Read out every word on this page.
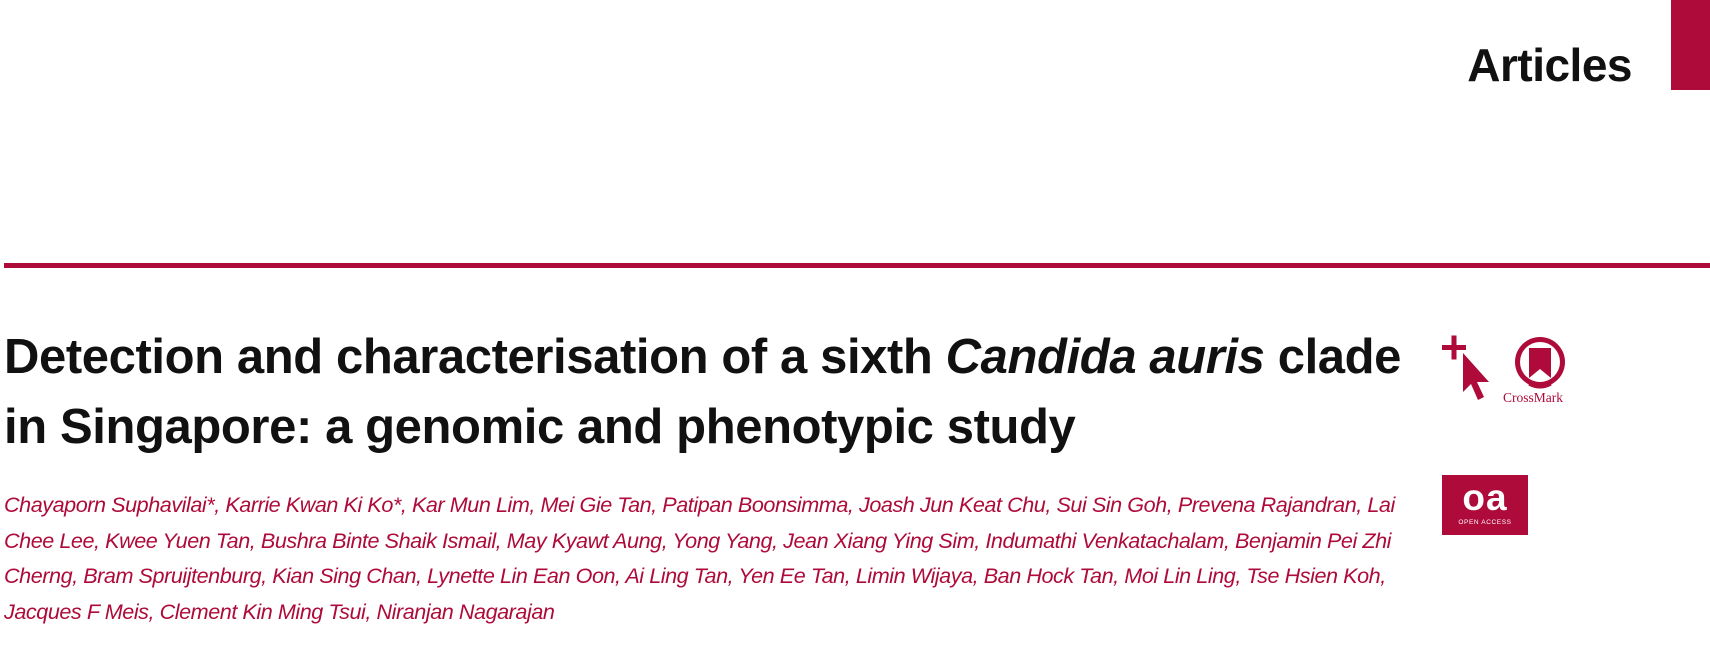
Articles
Detection and characterisation of a sixth Candida auris clade in Singapore: a genomic and phenotypic study

Chayaporn Suphavilai*, Karrie Kwan Ki Ko*, Kar Mun Lim, Mei Gie Tan, Patipan Boonsimma, Joash Jun Keat Chu, Sui Sin Goh, Prevena Rajandran, Lai Chee Lee, Kwee Yuen Tan, Bushra Binte Shaik Ismail, May Kyawt Aung, Yong Yang, Jean Xiang Ying Sim, Indumathi Venkatachalam, Benjamin Pei Zhi Cherng, Bram Spruijtenburg, Kian Sing Chan, Lynette Lin Ean Oon, Ai Ling Tan, Yen Ee Tan, Limin Wijaya, Ban Hock Tan, Moi Lin Ling, Tse Hsien Koh, Jacques F Meis, Clement Kin Ming Tsui, Niranjan Nagarajan

CrossMark

oa
OPEN ACCESS
